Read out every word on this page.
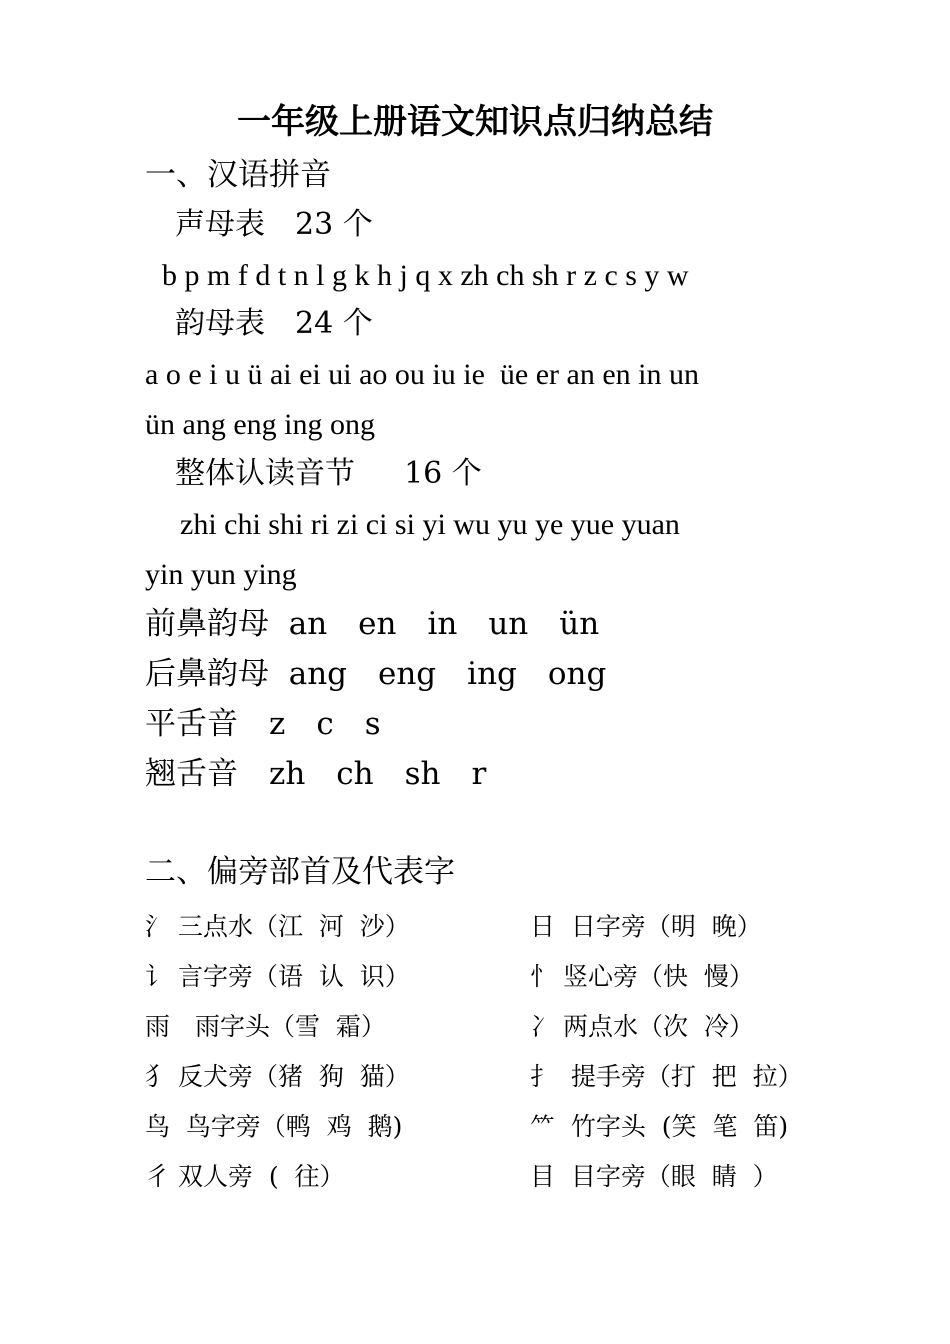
一年级上册语文知识点归纳总结
一、汉语拼音
声母表　23 个
b p m f d t n l g k h j q x zh ch sh r z c s y w
韵母表　24 个
a o e i u ü ai ei ui ao ou iu ie  üe er an en in un
ün ang eng ing ong
整体认读音节　  16 个
zhi chi shi ri zi ci si yi wu yu ye yue yuan
yin yun ying
前鼻韵母  an　en　in　un　ün
后鼻韵母  ang　eng　ing　ong
平舌音　z　c　s
翘舌音　zh　ch　sh　r
二、偏旁部首及代表字
氵 三点水（江  河  沙）	日  日字旁（明  晚）
讠 言字旁（语  认  识）	忄 竖心旁（快  慢）
雨　雨字头（雪  霜）	冫 两点水（次  冷）
犭 反犬旁（猪  狗  猫）	扌  提手旁（打  把  拉）
鸟  鸟字旁（鸭  鸡  鹅)	⺮  竹字头  (笑  笔  笛)
彳 双人旁  (  往）	目  目字旁（眼  睛  ）
